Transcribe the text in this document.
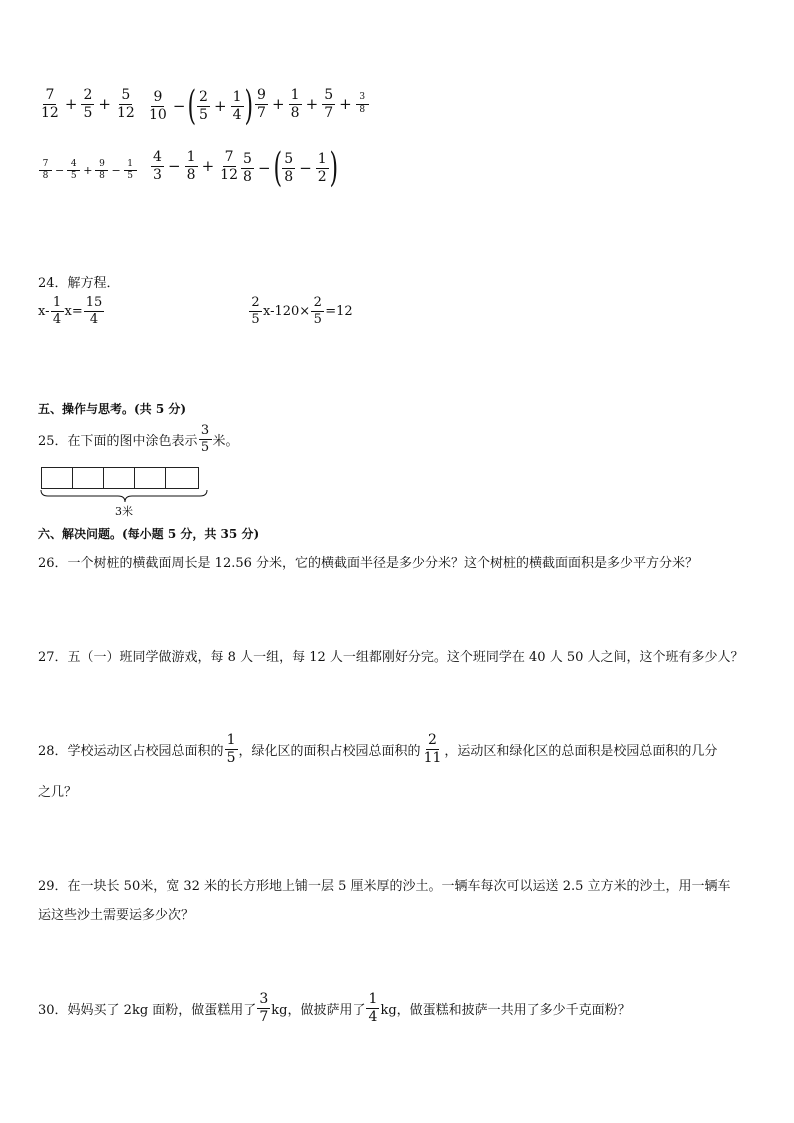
$\frac{7}{12} + \frac{2}{5} + \frac{5}{12} \frac{9}{10}$ − ( $\frac{2}{5} + \frac{1}{4}$ ) $\frac{9}{7} + \frac{1}{8} + \frac{5}{7} + \frac{3}{8}$
$\frac{7}{8} - \frac{4}{5} + \frac{9}{8} - \frac{1}{5} \frac{4}{3} - \frac{1}{8} + \frac{7}{12} \frac{5}{8}$ − ( $\frac{5}{8} - \frac{1}{2}$ )
24．解方程．
$x- \frac{1}{4} x= \frac{15}{4}$	$\frac{2}{5} x-120\times \frac{2}{5} =12$
五、操作与思考。(共 5 分)
25．在下面的图中涂色表示 $\frac{3}{5}$ 米。
3米
六、解决问题。(每小题 5 分，共 35 分)
26．一个树桩的横截面周长是 12.56 分米，它的横截面半径是多少分米？这个树桩的横截面面积是多少平方分米？
27．五（一）班同学做游戏，每 8 人一组，每 12 人一组都刚好分完。这个班同学在 40 人 50 人之间，这个班有多少人？
28．学校运动区占校园总面积的 $\frac{1}{5}$ ，绿化区的面积占校园总面积的 $\frac{2}{11}$ ，运动区和绿化区的总面积是校园总面积的几分
之几？
29．在一块长 50米，宽 32 米的长方形地上铺一层 5 厘米厚的沙土。一辆车每次可以运送 2.5 立方米的沙土，用一辆车
运这些沙土需要运多少次？
30．妈妈买了 2kg 面粉，做蛋糕用了 $\frac{3}{7}$ kg，做披萨用了 $\frac{1}{4}$ kg，做蛋糕和披萨一共用了多少千克面粉？
